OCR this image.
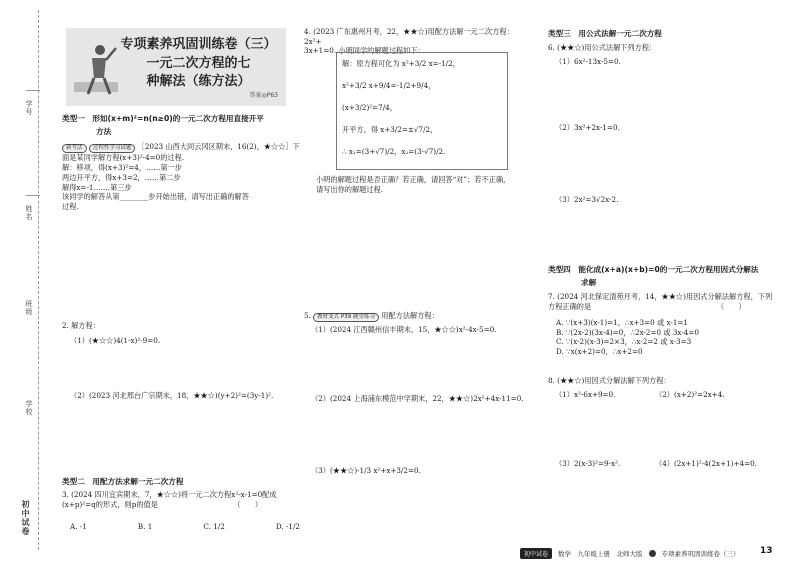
学号
姓名
班级
学校
初中试卷
专项素养巩固训练卷（三）
一元二次方程的七
种解法（练方法）
答案◎P63
类型一　形如(x+m)²=n(n≥0)的一元二次方程用直接开平
方法
新考法 过程性学习试题 ［2023 山西大同云冈区期末，16(2)，★☆☆］下
面是某同学解方程(x+3)²-4=0的过程.
解：移项，得(x+3)²=4，……第一步
两边开平方，得x+3=2，……第二步
解得x=-1.……第三步
该同学的解答从第________步开始出错，请写出正确的解答
过程.
2. 解方程：
（1）(★☆☆)4(1-x)²-9=0.
（2）(2023 河北邢台广宗期末，18，★★☆)(y+2)²=(3y-1)².
类型二　用配方法求解一元二次方程
3. (2024 四川宜宾期末，7，★☆☆)将一元二次方程x²-x-1=0配成
(x+p)²=q的形式，则p的值是　　　　　　　　　　　（　　）
A. -1	B. 1	C. 1/2	D. -1/2
4. (2023 广东惠州月考，22，★★☆)用配方法解一元二次方程：2x²+
3x+1=0. 小明同学的解题过程如下：
解：原方程可化为 x²+3/2 x=-1/2，
x²+3/2 x+9/4=-1/2+9/4，
(x+3/2)²=7/4，
开平方，得 x+3/2=±√7/2，
∴ x₁=(3+√7)/2，x₂=(3-√7)/2.
小明的解题过程是否正确？若正确，请回答“对”；若不正确，
请写出你的解题过程.
5. 教材变式 P39 随堂练习 用配方法解方程：
（1）(2024 江西赣州信丰期末，15，★☆☆)x²-4x-5=0.
（2）(2024 上海浦东模范中学期末，22，★★☆)2x²+4x-11=0.
（3）(★★☆)-1/3 x²+x+3/2=0.
类型三　用公式法解一元二次方程
6. (★★☆)用公式法解下列方程：
（1）6x²-13x-5=0.
（2）3x²+2x-1=0.
（3）2x²=3√2x-2.
类型四　能化成(x+a)(x+b)=0的一元二次方程用因式分解法
求解
7. (2024 河北保定清苑月考，14，★★☆)用因式分解法解方程，下列
方程正确的是　　　　　　　　　　　　　　　　　　（　　）
A. ∵(x+3)(x-1)=1，∴x+3=0 或 x-1=1
B. ∵(2x-2)(3x-4)=0，∴2x-2=0 或 3x-4=0
C. ∵(x-2)(x-3)=2×3，∴x-2=2 或 x-3=3
D. ∵x(x+2)=0，∴x+2=0
8. (★★☆)用因式分解法解下列方程：
（1）x²-6x+9=0.	（2）(x+2)²=2x+4.
（3）2(x-3)²=9-x².	（4）(2x+1)²-4(2x+1)+4=0.
初中试卷	数学　九年级上册　北师大版	专项素养巩固训练卷（三） 13
